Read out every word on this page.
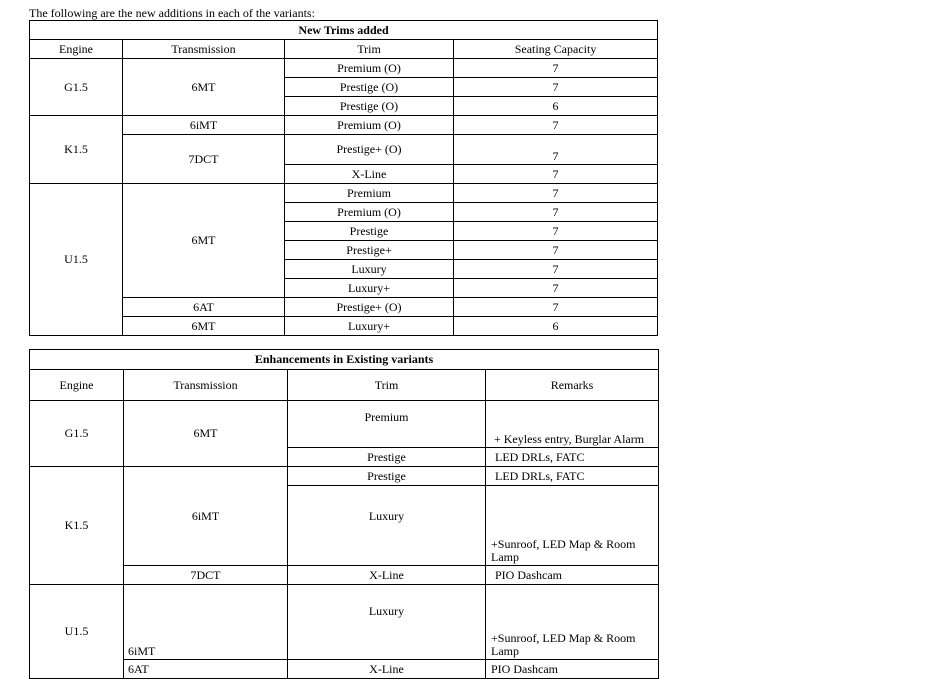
The following are the new additions in each of the variants:
New Trims added			
Engine	Transmission	Trim	Seating Capacity
G1.5	6MT	Premium (O)	7
		Prestige (O)	7
		Prestige (O)	6
K1.5	6iMT	Premium (O)	7
	7DCT	Prestige+ (O)	7
		X-Line	7
U1.5	6MT	Premium	7
		Premium (O)	7
		Prestige	7
		Prestige+	7
		Luxury	7
		Luxury+	7
	6AT	Prestige+ (O)	7
	6MT	Luxury+	6
Enhancements in Existing variants			
Engine	Transmission	Trim	Remarks
G1.5	6MT	Premium	+ Keyless entry, Burglar Alarm
		Prestige	LED DRLs, FATC
K1.5	6iMT	Prestige	LED DRLs, FATC
		Luxury	+Sunroof, LED Map & Room Lamp
	7DCT	X-Line	PIO Dashcam
U1.5	6iMT	Luxury	+Sunroof, LED Map & Room Lamp
	6AT	X-Line	PIO Dashcam
